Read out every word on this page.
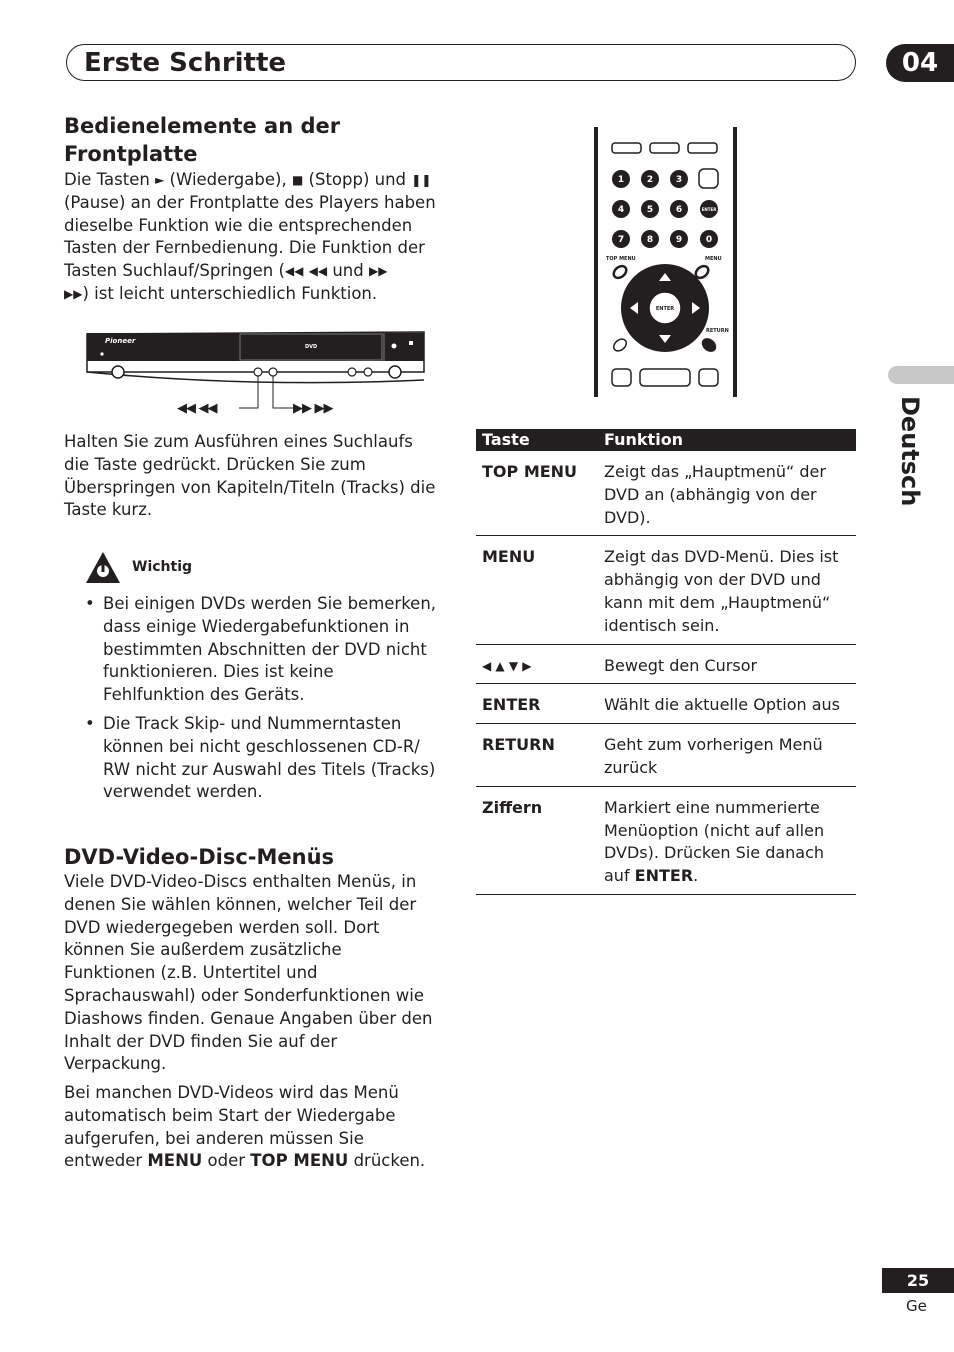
Erste Schritte	04
Deutsch
Bedienelemente an der
Frontplatte
Die Tasten ► (Wiedergabe), ■ (Stopp) und ❚❚
(Pause) an der Frontplatte des Players haben
dieselbe Funktion wie die entsprechenden
Tasten der Fernbedienung. Die Funktion der
Tasten Suchlauf/Springen (◀◀ ◀◀ und ▶▶
▶▶) ist leicht unterschiedlich Funktion.
Pioneer
DVD
◀◀ ◀◀	▶▶ ▶▶
Halten Sie zum Ausführen eines Suchlaufs
die Taste gedrückt. Drücken Sie zum
Überspringen von Kapiteln/Titeln (Tracks) die
Taste kurz.
Wichtig
• Bei einigen DVDs werden Sie bemerken,
dass einige Wiedergabefunktionen in
bestimmten Abschnitten der DVD nicht
funktionieren. Dies ist keine
Fehlfunktion des Geräts.
• Die Track Skip- und Nummerntasten
können bei nicht geschlossenen CD-R/
RW nicht zur Auswahl des Titels (Tracks)
verwendet werden.
DVD-Video-Disc-Menüs
Viele DVD-Video-Discs enthalten Menüs, in
denen Sie wählen können, welcher Teil der
DVD wiedergegeben werden soll. Dort
können Sie außerdem zusätzliche
Funktionen (z.B. Untertitel und
Sprachauswahl) oder Sonderfunktionen wie
Diashows finden. Genaue Angaben über den
Inhalt der DVD finden Sie auf der
Verpackung.
Bei manchen DVD-Videos wird das Menü
automatisch beim Start der Wiedergabe
aufgerufen, bei anderen müssen Sie
entweder MENU oder TOP MENU drücken.
1	2	3
4	5	6
7	8	9	0
ENTER
TOP MENU	MENU
ENTER
RETURN
Taste	Funktion
TOP MENU	Zeigt das „Hauptmenü“ der DVD an (abhängig von der DVD).
MENU	Zeigt das DVD-Menü. Dies ist abhängig von der DVD und kann mit dem „Hauptmenü“ identisch sein.
◀ ▲ ▼ ▶	Bewegt den Cursor
ENTER	Wählt die aktuelle Option aus
RETURN	Geht zum vorherigen Menü zurück
Ziffern	Markiert eine nummerierte Menüoption (nicht auf allen DVDs). Drücken Sie danach auf ENTER.
25
Ge
